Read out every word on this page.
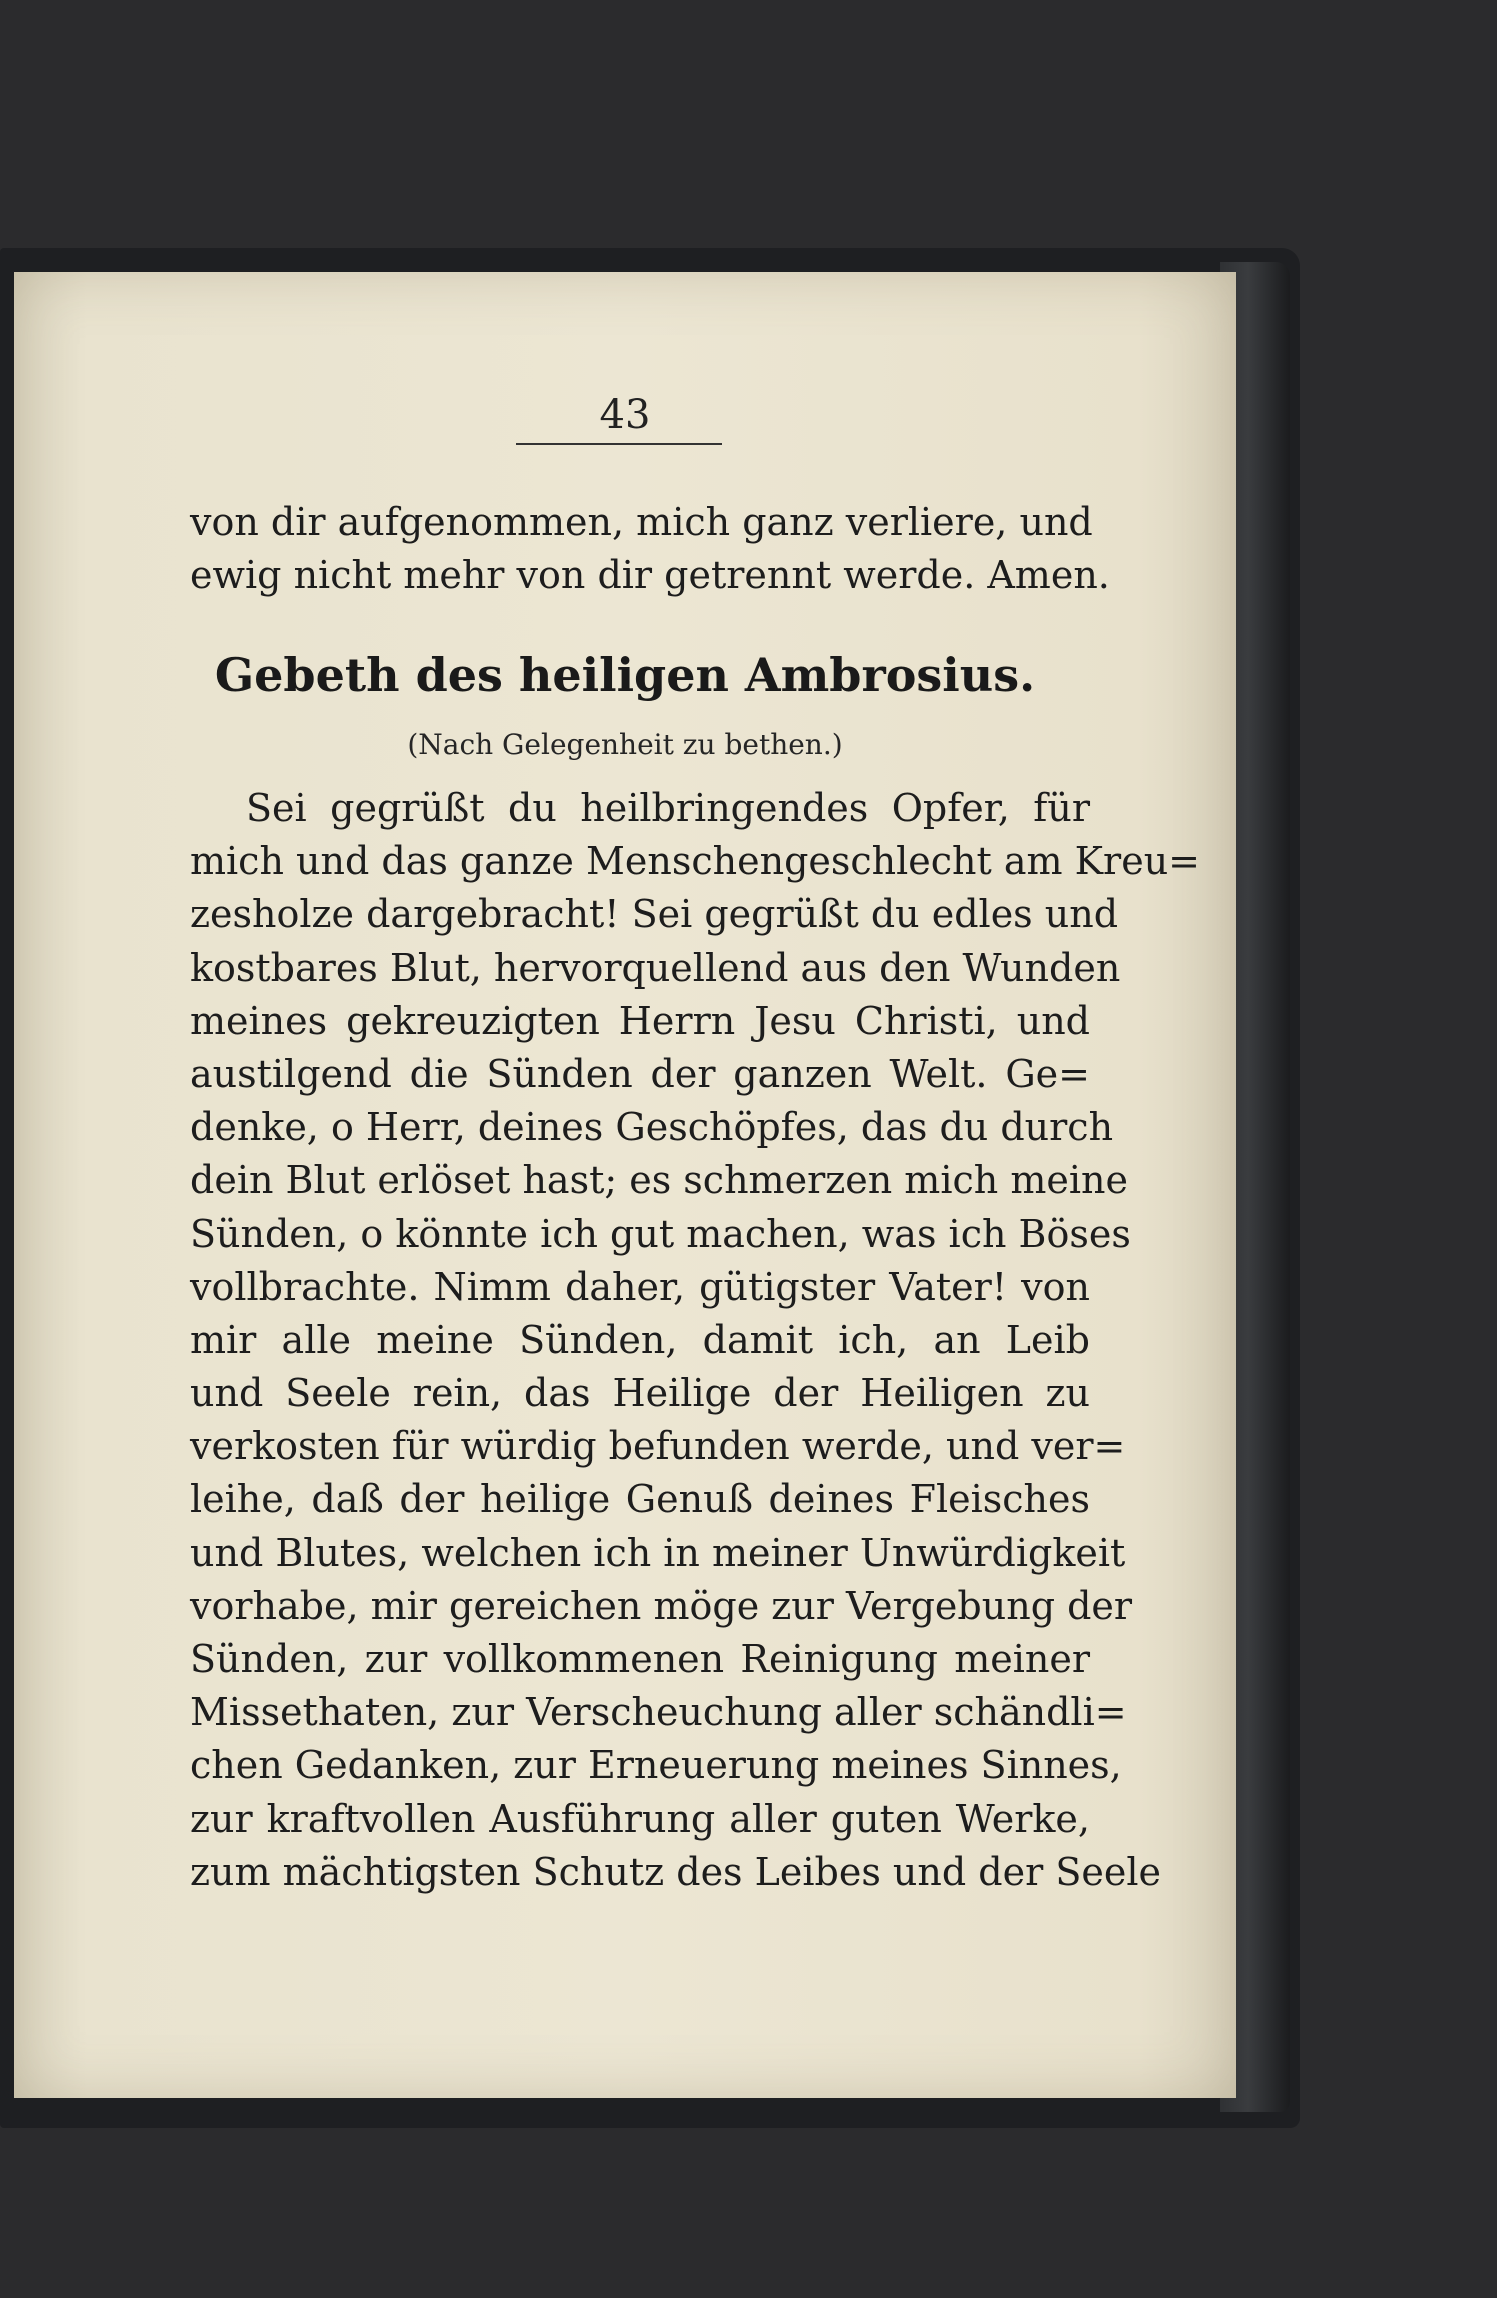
43
von dir aufgenommen, mich ganz verliere, und
ewig nicht mehr von dir getrennt werde. Amen.
Gebeth des heiligen Ambrosius.
(Nach Gelegenheit zu bethen.)
Sei gegrüßt du heilbringendes Opfer, für
mich und das ganze Menschengeschlecht am Kreu=
zesholze dargebracht! Sei gegrüßt du edles und
kostbares Blut, hervorquellend aus den Wunden
meines gekreuzigten Herrn Jesu Christi, und
austilgend die Sünden der ganzen Welt. Ge=
denke, o Herr, deines Geschöpfes, das du durch
dein Blut erlöset hast; es schmerzen mich meine
Sünden, o könnte ich gut machen, was ich Böses
vollbrachte. Nimm daher, gütigster Vater! von
mir alle meine Sünden, damit ich, an Leib
und Seele rein, das Heilige der Heiligen zu
verkosten für würdig befunden werde, und ver=
leihe, daß der heilige Genuß deines Fleisches
und Blutes, welchen ich in meiner Unwürdigkeit
vorhabe, mir gereichen möge zur Vergebung der
Sünden, zur vollkommenen Reinigung meiner
Missethaten, zur Verscheuchung aller schändli=
chen Gedanken, zur Erneuerung meines Sinnes,
zur kraftvollen Ausführung aller guten Werke,
zum mächtigsten Schutz des Leibes und der Seele
